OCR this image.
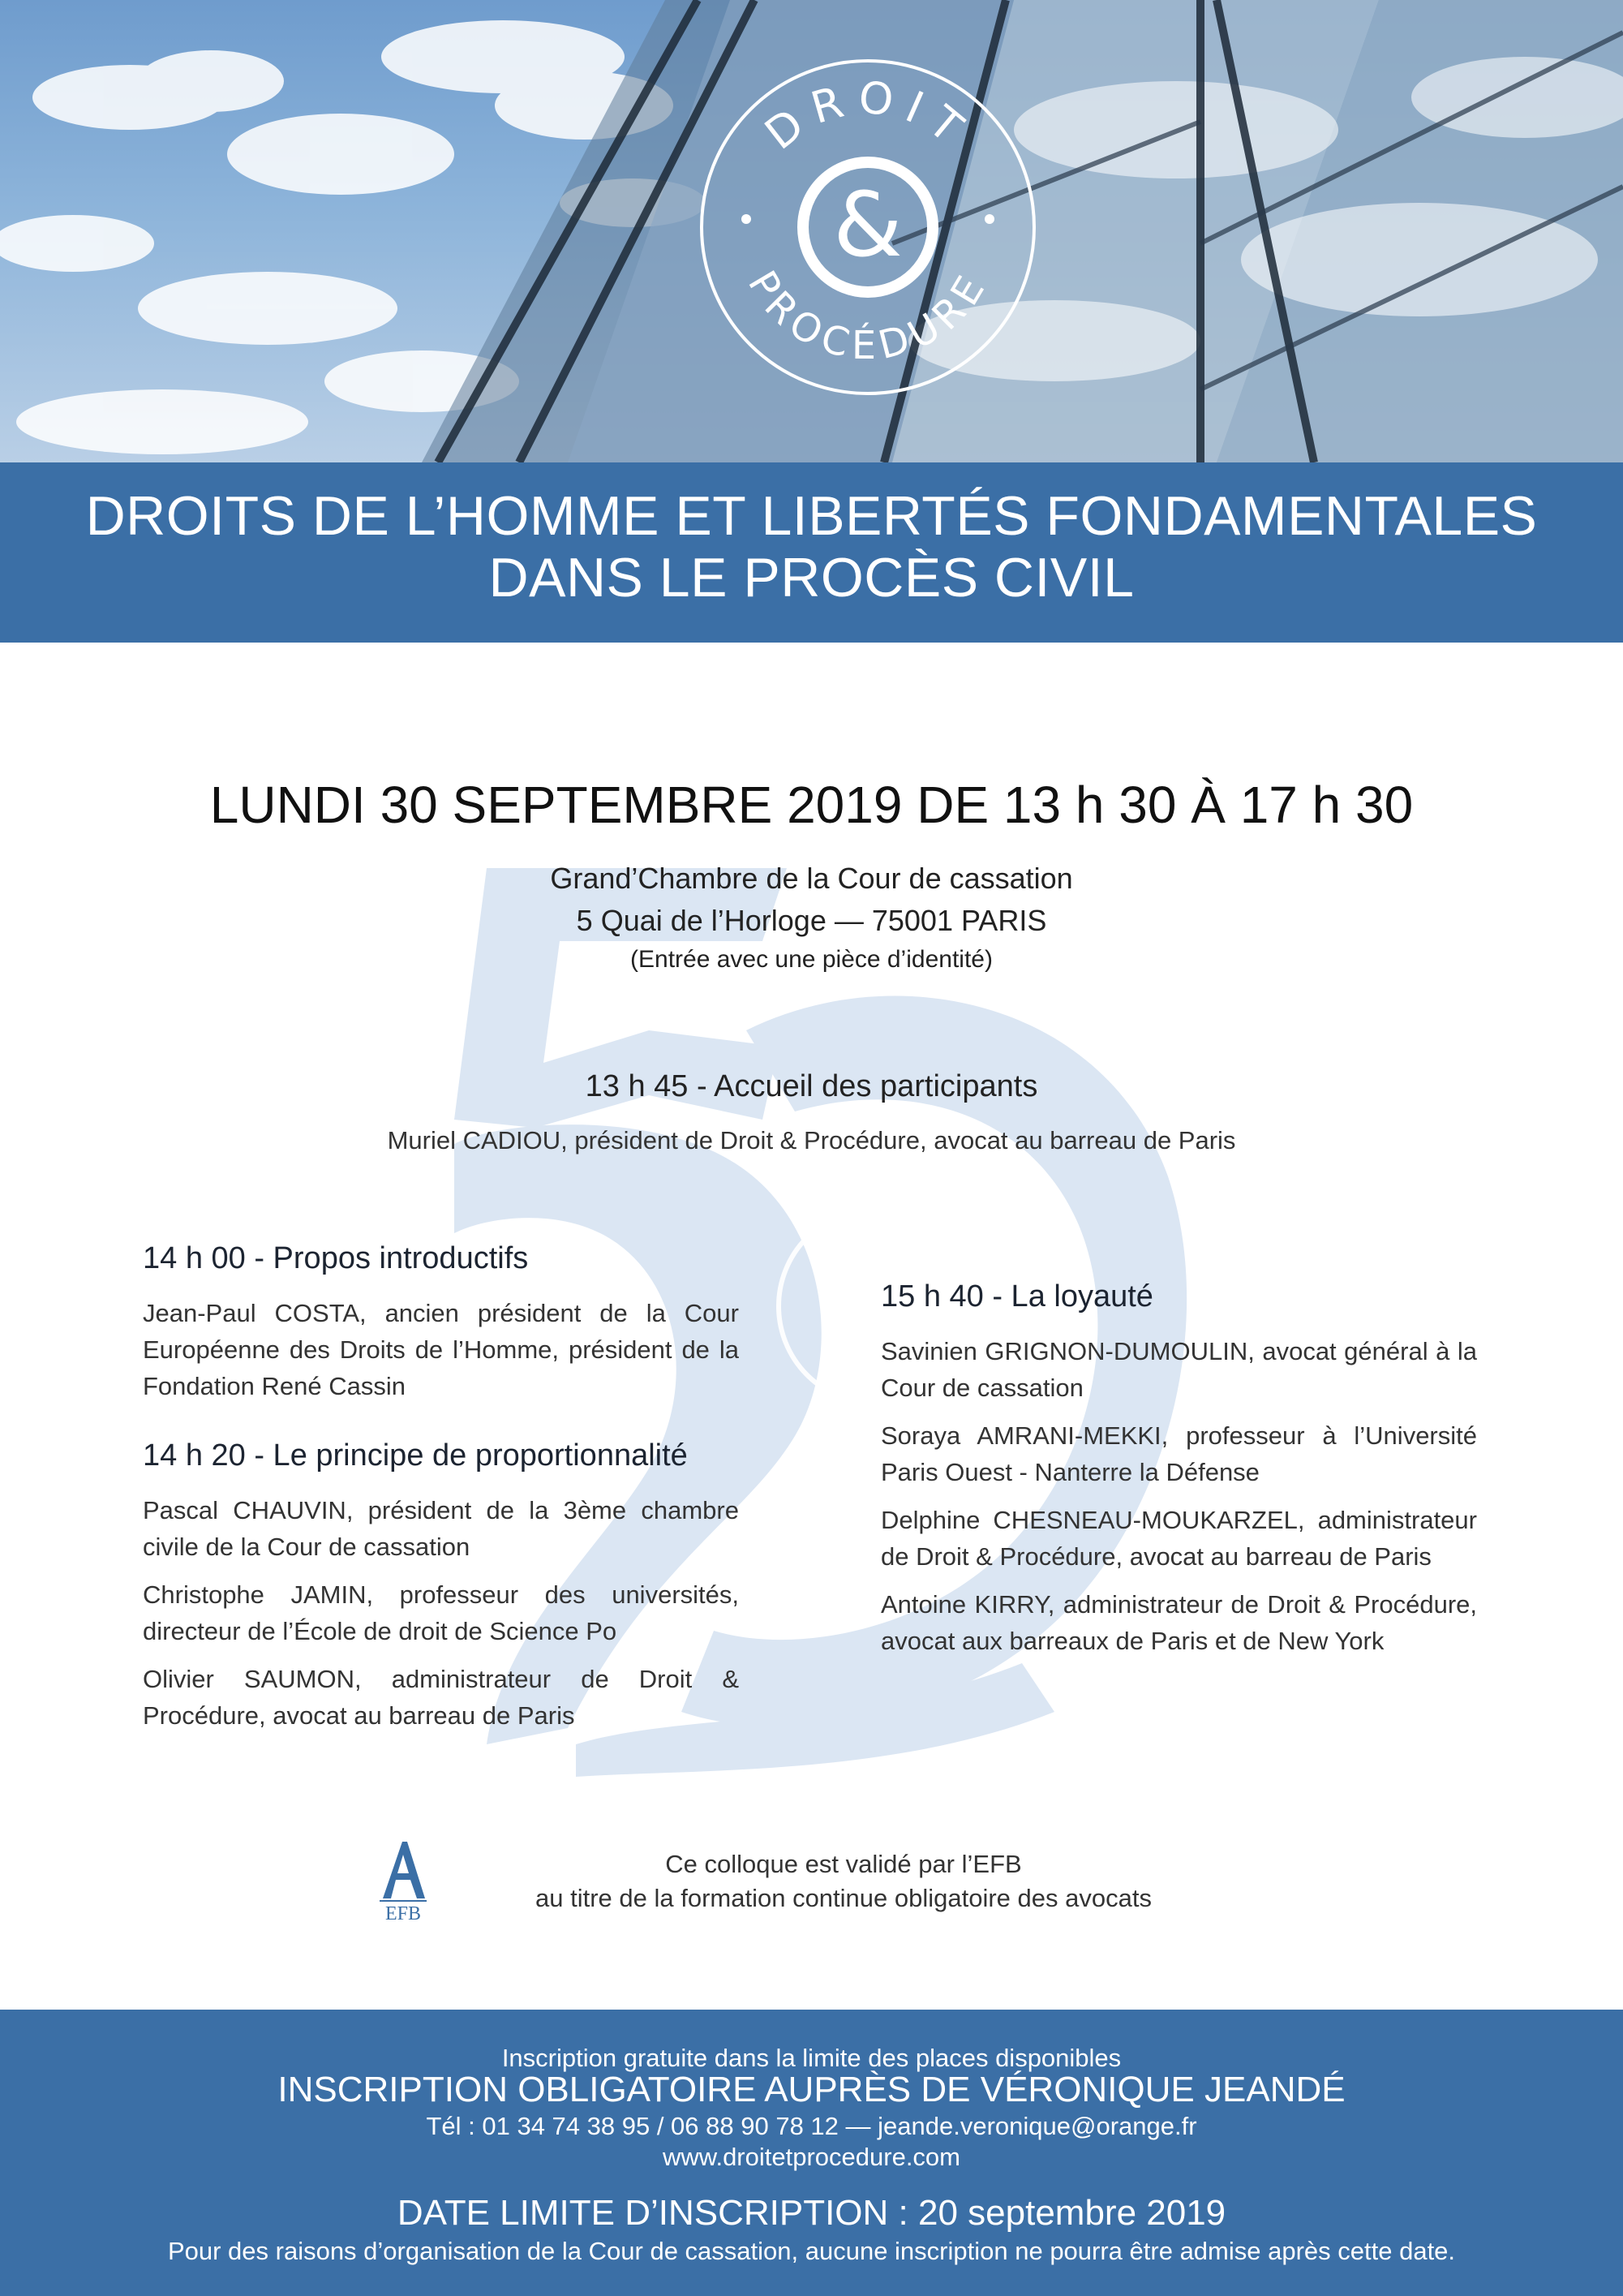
DROIT
PROCÉDURE
&
DROITS DE L’HOMME ET LIBERTÉS FONDAMENTALES
DANS LE PROCÈS CIVIL
LUNDI 30 SEPTEMBRE 2019 DE 13 h 30 À 17 h 30
Grand’Chambre de la Cour de cassation
5 Quai de l’Horloge — 75001 PARIS
(Entrée avec une pièce d’identité)
13 h 45 - Accueil des participants
Muriel CADIOU, président de Droit & Procédure, avocat au barreau de Paris
14 h 00 - Propos introductifs
Jean-Paul COSTA, ancien président de la Cour Européenne des Droits de l’Homme, président de la Fondation René Cassin
14 h 20 - Le principe de proportionnalité
Pascal CHAUVIN, président de la 3ème chambre civile de la Cour de cassation
Christophe JAMIN, professeur des universités, directeur de l’École de droit de Science Po
Olivier SAUMON, administrateur de Droit & Procédure, avocat au barreau de Paris
15 h 40 - La loyauté
Savinien GRIGNON-DUMOULIN, avocat général à la Cour de cassation
Soraya AMRANI-MEKKI, professeur à l’Université Paris Ouest - Nanterre la Défense
Delphine CHESNEAU-MOUKARZEL, administrateur de Droit & Procédure, avocat au barreau de Paris
Antoine KIRRY, administrateur de Droit & Procédure, avocat aux barreaux de Paris et de New York
EFB
Ce colloque est validé par l’EFB
au titre de la formation continue obligatoire des avocats
Inscription gratuite dans la limite des places disponibles
INSCRIPTION OBLIGATOIRE AUPRÈS DE VÉRONIQUE JEANDÉ
Tél : 01 34 74 38 95 / 06 88 90 78 12 — jeande.veronique@orange.fr
www.droitetprocedure.com
DATE LIMITE D’INSCRIPTION : 20 septembre 2019
Pour des raisons d’organisation de la Cour de cassation, aucune inscription ne pourra être admise après cette date.
